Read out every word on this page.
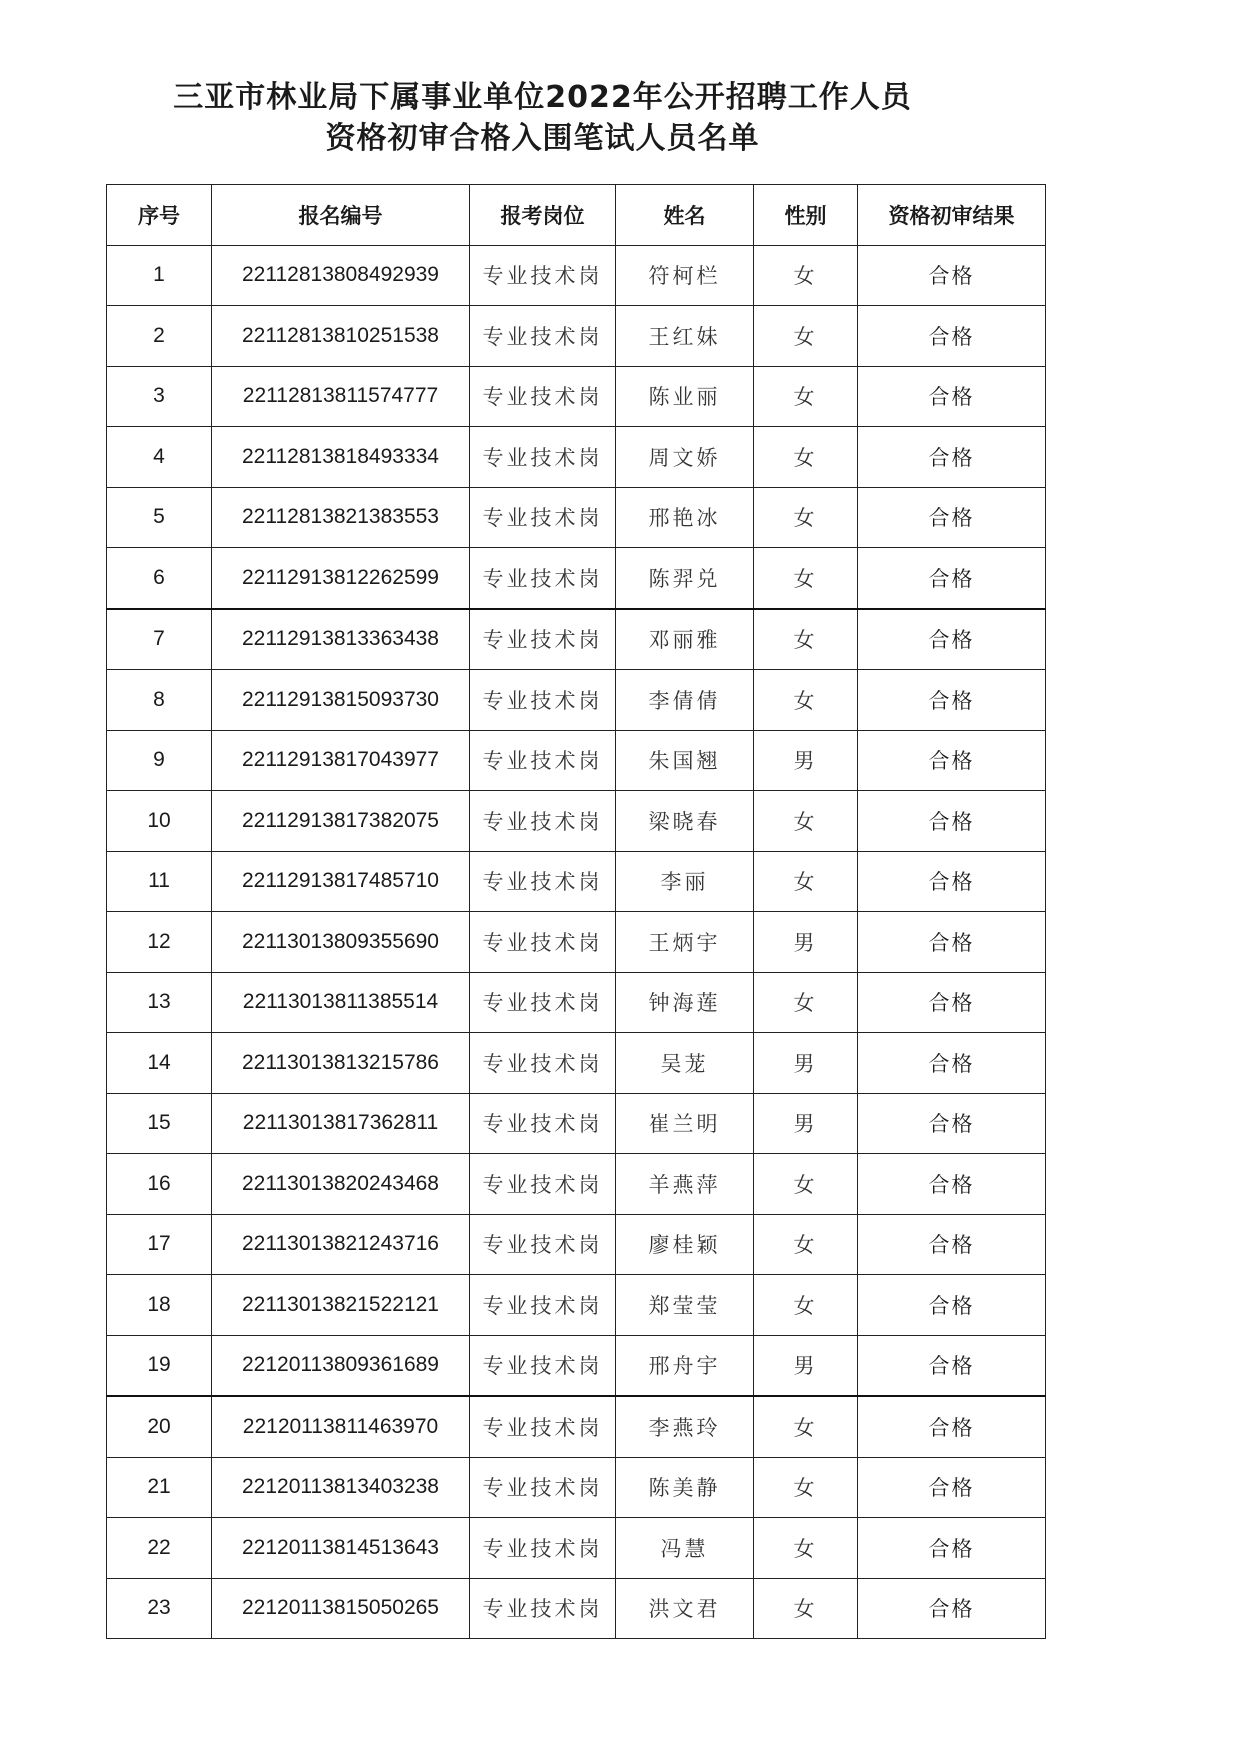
三亚市林业局下属事业单位2022年公开招聘工作人员
资格初审合格入围笔试人员名单
序号	报名编号	报考岗位	姓名	性别	资格初审结果
1	22112813808492939	专业技术岗	符柯栏	女	合格
2	22112813810251538	专业技术岗	王红妹	女	合格
3	22112813811574777	专业技术岗	陈业丽	女	合格
4	22112813818493334	专业技术岗	周文娇	女	合格
5	22112813821383553	专业技术岗	邢艳冰	女	合格
6	22112913812262599	专业技术岗	陈羿兑	女	合格
7	22112913813363438	专业技术岗	邓丽雅	女	合格
8	22112913815093730	专业技术岗	李倩倩	女	合格
9	22112913817043977	专业技术岗	朱国翘	男	合格
10	22112913817382075	专业技术岗	梁晓春	女	合格
11	22112913817485710	专业技术岗	李丽	女	合格
12	22113013809355690	专业技术岗	王炳宇	男	合格
13	22113013811385514	专业技术岗	钟海莲	女	合格
14	22113013813215786	专业技术岗	吴茏	男	合格
15	22113013817362811	专业技术岗	崔兰明	男	合格
16	22113013820243468	专业技术岗	羊燕萍	女	合格
17	22113013821243716	专业技术岗	廖桂颖	女	合格
18	22113013821522121	专业技术岗	郑莹莹	女	合格
19	22120113809361689	专业技术岗	邢舟宇	男	合格
20	22120113811463970	专业技术岗	李燕玲	女	合格
21	22120113813403238	专业技术岗	陈美静	女	合格
22	22120113814513643	专业技术岗	冯慧	女	合格
23	22120113815050265	专业技术岗	洪文君	女	合格
